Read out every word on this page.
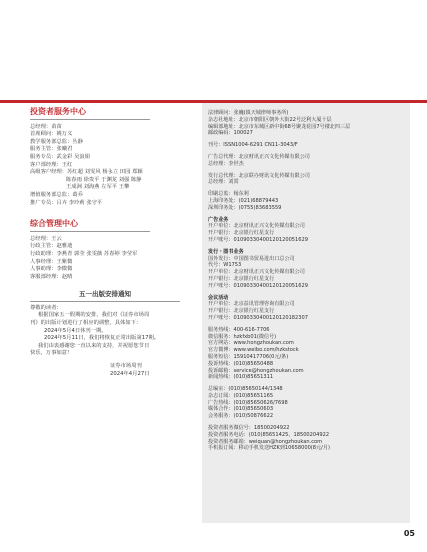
投资者服务中心
总经理：苗苗
首席顾问：姚万义
教学服务部总监：丛静
服务主管：张曦君
服务专员：武金彩 吴浪娟
客户部经理：王红
高级客户经理：苏红超 刘雯风 杨永立 田园 郑颖
陈春雨 徐贵平 于渊龙 刘强 陈静
王成洲 刘海燕 左军平 王攀
增值服务部总监：葛乔
推广专员：吕卉 李玲莉 张守平
综合管理中心
总经理：王云
行政主管：赵雅迪
行政助理：李燕青 郭莹 张雯薇 苏春婷 李莹军
人事经理：王紫微
人事助理：李微微
客服部经理：赵晴
五一出版安排通知
尊敬的读者：
根据国家五一假期的安排，我们对《证券市场周
刊》的出版计划进行了相应的调整，具体如下：
2024年5月4日休刊一期。
2024年5月11日，我们将恢复正常出版第17期。
我们由衷感谢您一直以来的支持，并祝愿您节日
快乐，万事如意！
证券市场周刊
2024年4月27日
法律顾问：张巍(镇天城律师事务所)
杂志社地址：北京市朝阳区朝外大街22号泛利大厦十层
编辑部地址：北京市东城区新中街68号聚龙花园7号楼北四三层
邮政编码：100027
刊号：ISSN1004-6291 CN11-3043/F
广告总代理：北京财讯正兴文化传媒有限公司
总经理：李世杰
发行总代理：北京联办财讯文化传媒有限公司
总经理：刘霄
印刷总监：杨东利
上海印务处：(021)68879443
深圳印务处：(0755)83683559
广告业务
开户单位：北京财讯正兴文化传媒有限公司
开户银行：北京银行红星支行
开户账号：01090330400120120051629
发行・图书业务
国外发行：中国图书贸易进出口总公司
代号：W1753
开户单位：北京财讯正兴文化传媒有限公司
开户银行：北京银行红星支行
开户账号：01090330400120120051629
会议活动
开户单位：北京益讯管理咨询有限公司
开户银行：北京银行红星支行
开户账号：01090330400120120182307
服务热线：400-616-7706
微信服务：hzkfxb01(微信号)
官方网站：www.hongzhoukan.com
官方微博：www.weibo.com/hzkstock
服务短信：15910417706(0元/条)
投诉热线：(010)85650488
投诉邮箱：service@hongzhoukan.com
新闻热线：(010)85651311
总编室：(010)85650144/1348
杂志订阅：(010)85651165
广告热线：(010)85650626/7698
媒体合作：(010)85650603
会务服务：(010)50876622
投资者服务微信号：18500204922
投资者服务电话：(010)85651425、18500204922
投资者服务邮箱：weiquan@hongzhoukan.com
手机报订阅：移动手机发送HZK到10658000(8元/月)
05
